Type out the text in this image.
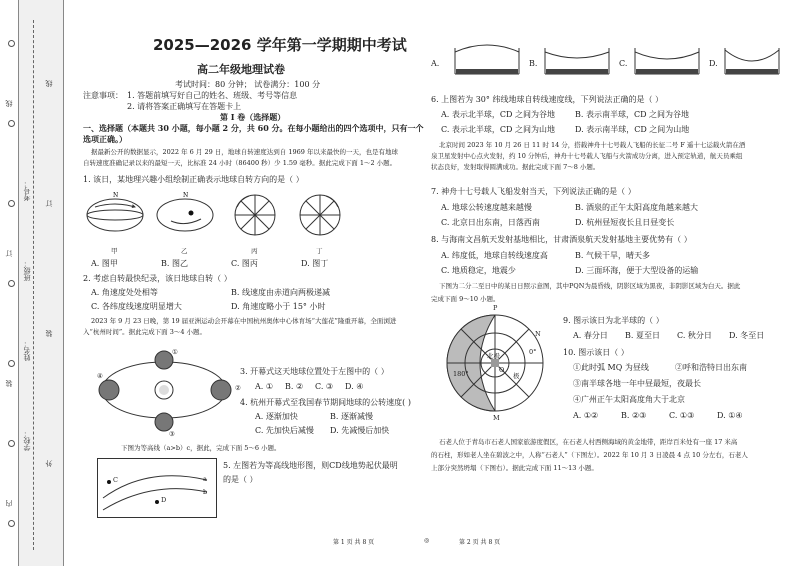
学校：
姓名：
班级：
考号：
线
订
装
外
线
订
装
内
2025—2026 学年第一学期期中考试
高二年级地理试卷
考试时间：80 分钟； 试卷满分：100 分
注意事项： 1. 答题前填写好自己的姓名、班级、考号等信息
2. 请将答案正确填写在答题卡上
第 I 卷（选择题）
一、选择题（本题共 30 小题，每小题 2 分，共 60 分。在每小题给出的四个选项中，只有一个
选项正确。）
据最新公开的数据显示，2022 年 6 月 29 日，地球自转速度达到自 1969 年以来最快的一天，也是有地球
自转速度准确记录以来的最短一天，比标准 24 小时（86400 秒）少 1.59 毫秒。据此完成下面 1～2 小题。
1. 该日，某地理兴趣小组绘制正确表示地球自转方向的是（ ）
N	N
甲	乙	丙	丁
A. 图甲	B. 图乙	C. 图丙	D. 图丁
2. 考虑自转最快纪录，该日地球自转（ ）
A. 角速度处处相等	B. 线速度由赤道向两极递减
C. 各纬度线速度明显增大	D. 角速度略小于 15° 小时
2023 年 9 月 23 日晚，第 19 届亚洲运动会开幕在中国杭州奥体中心体育场“大莲花”隆重开幕，全面浏进
入“杭州时间”。据此完成下面 3～4 小题。
①
②
③
④	3. 开幕式这天地球位置处于左图中的（ ）
A. ① B. ② C. ③ D. ④
4. 杭州开幕式至我国春节期间地球的公转速度( )
A. 逐渐加快	B. 逐渐减慢
C. 先加快后减慢 D. 先减慢后加快
下图为等高线（a>b）c，据此，完成下面 5～6 小题。
C
D
a
b
5. 左图若为等高线地形图，则CD线地势起伏最明
的是（ ）
第 1 页 共 8 页	◎
A.	B.	C.	D.
6. 上图若为 30° 纬线地球自转线速度线，下列说法正确的是（ ）
A. 表示北半球，CD 之间为谷地	B. 表示南半球，CD 之间为谷地
C. 表示北半球，CD 之间为山地	D. 表示南半球，CD 之间为山地
北京时间 2023 年 10 月 26 日 11 时 14 分，搭载神舟十七号载人飞船的长征二号 F 遥十七运载火箭在酒
泉卫星发射中心点火发射，约 10 分钟后，神舟十七号载人飞船与火箭成功分离，进入预定轨道，航天员乘组
状态良好，发射取得圆满成功。据此完成下面 7～8 小题。
7. 神舟十七号载人飞船发射当天，下列说法正确的是（ ）
A. 地球公转速度越来越慢	B. 酒泉的正午太阳高度角越来越大
C. 北京日出东南，日落西南	D. 杭州昼短夜长且日昼变长
8. 与海南文昌航天发射基地相比，甘肃酒泉航天发射基地主要优势有（ ）
A. 纬度低，地球自转线速度高	B. 气候干旱，晴天多
C. 地质稳定，地震少	D. 三面环海，便于大型设备的运输
下图为二分二至日中的某日日照示意图，其中PQN为晨昏线，阴影区域为黑夜，非阴影区域为白天。据此
完成下面 9～10 小题。
P
M
N
O
0°
180°
北极
极
9. 图示该日为北半球的（ ）
A. 春分日 B. 夏至日 C. 秋分日 D. 冬至日
10. 图示该日（ ）
①此时弧 MQ 为昼线	②呼和浩特日出东南
③南半球各地一年中昼最短，夜最长
④广州正午太阳高度角大于北京
A. ①②	B. ②③	C. ①③	D. ①④
石老人位于青岛市石老人国家旅游度假区，在石老人村西侧海域的黄金地带，距岸百米处有一座 17 米高
的石柱，形如老人坐在碧波之中，人称“石老人”（下图左）。2022 年 10 月 3 日凌晨 4 点 10 分左右，石老人
上部分突然坍塌（下图右）。据此完成下面 11～13 小题。
第 2 页 共 8 页
